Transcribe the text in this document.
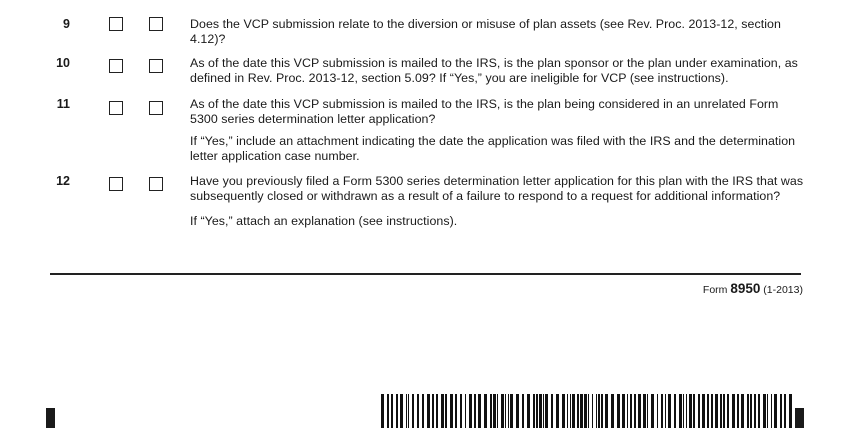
9	Does the VCP submission relate to the diversion or misuse of plan assets (see Rev. Proc. 2013-12, section 4.12)?

10	As of the date this VCP submission is mailed to the IRS, is the plan sponsor or the plan under examination, as defined in Rev. Proc. 2013-12, section 5.09? If “Yes,” you are ineligible for VCP (see instructions).

11	As of the date this VCP submission is mailed to the IRS, is the plan being considered in an unrelated Form 5300 series determination letter application?

If “Yes,” include an attachment indicating the date the application was filed with the IRS and the determination letter application case number.

12	Have you previously filed a Form 5300 series determination letter application for this plan with the IRS that was subsequently closed or withdrawn as a result of a failure to respond to a request for additional information?

If “Yes,” attach an explanation (see instructions).

Form 8950 (1-2013)
